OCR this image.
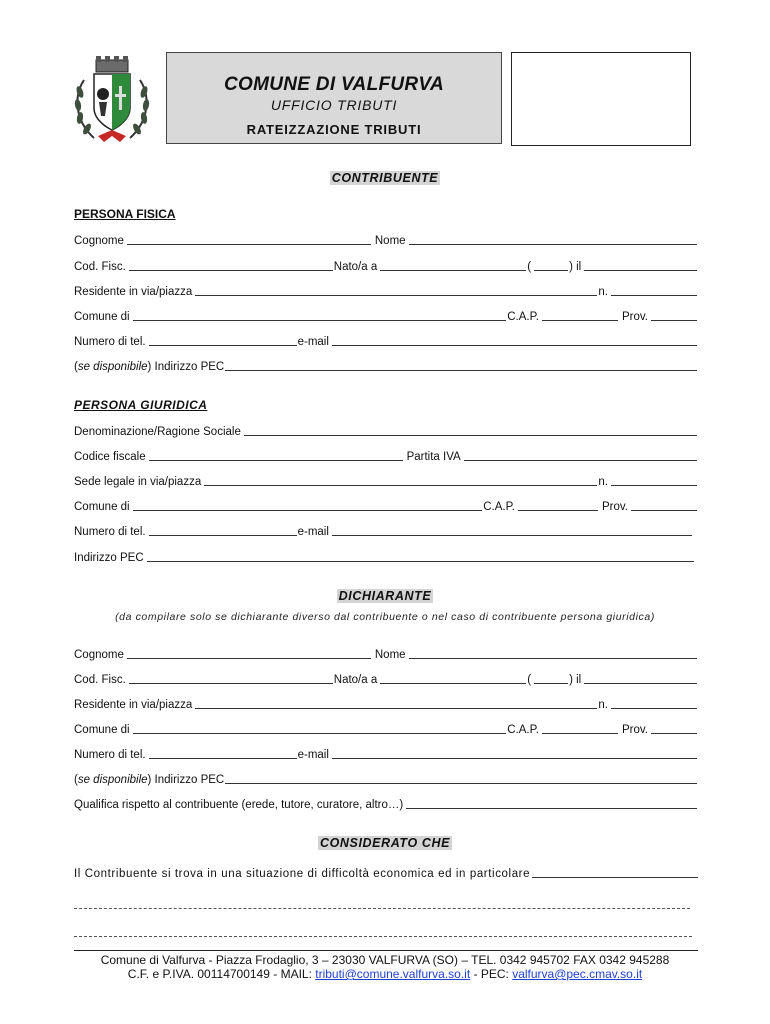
COMUNE DI VALFURVA
UFFICIO TRIBUTI
RATEIZZAZIONE TRIBUTI
CONTRIBUENTE
PERSONA FISICA
Cognome	Nome
Cod. Fisc.	Nato/a a	(	) il
Residente in via/piazza	n.
Comune di	C.A.P.	Prov.
Numero di tel.	e-mail
(se disponibile) Indirizzo PEC
PERSONA GIURIDICA
Denominazione/Ragione Sociale
Codice fiscale	Partita IVA
Sede legale in via/piazza	n.
Comune di	C.A.P.	Prov.
Numero di tel.	e-mail
Indirizzo PEC
DICHIARANTE
(da compilare solo se dichiarante diverso dal contribuente o nel caso di contribuente persona giuridica)
Cognome	Nome
Cod. Fisc.	Nato/a a	(	) il
Residente in via/piazza	n.
Comune di	C.A.P.	Prov.
Numero di tel.	e-mail
(se disponibile) Indirizzo PEC
Qualifica rispetto al contribuente (erede, tutore, curatore, altro…)
CONSIDERATO CHE
Il Contribuente si trova in una situazione di difficoltà economica ed in particolare
Comune di Valfurva - Piazza Frodaglio, 3 – 23030 VALFURVA (SO) – TEL. 0342 945702 FAX 0342 945288
C.F. e P.IVA. 00114700149 - MAIL: tributi@comune.valfurva.so.it - PEC: valfurva@pec.cmav.so.it
